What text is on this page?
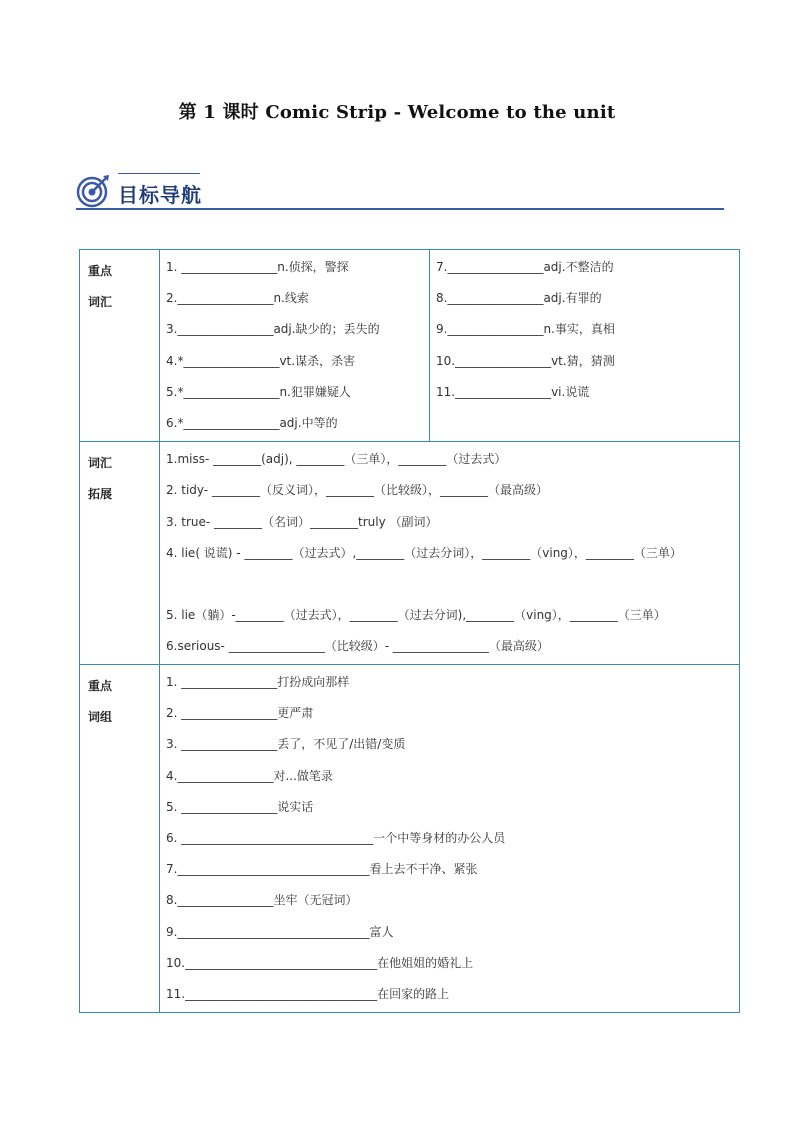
第 1 课时 Comic Strip - Welcome to the unit
目标导航
重点
词汇
1. ________________n.侦探，警探
2.________________n.线索
3.________________adj.缺少的；丢失的
4.*________________vt.谋杀，杀害
5.*________________n.犯罪嫌疑人
6.*________________adj.中等的
7.________________adj.不整洁的
8.________________adj.有罪的
9.________________n.事实，真相
10.________________vt.猜，猜测
11.________________vi.说谎
词汇
拓展
1.miss- ________(adj), ________（三单），________（过去式）
2. tidy- ________（反义词），________（比较级），________（最高级）
3. true- ________（名词）________truly （副词）
4. lie( 说谎) - ________（过去式）,________（过去分词），________（ving），________（三单）
5. lie（躺）-________（过去式），________（过去分词),________（ving），________（三单）
6.serious- ________________（比较级）- ________________（最高级）
重点
词组
1. ________________打扮成向那样
2. ________________更严肃
3. ________________丢了，不见了/出错/变质
4.________________对...做笔录
5. ________________说实话
6. ________________________________一个中等身材的办公人员
7.________________________________看上去不干净、紧张
8.________________坐牢（无冠词）
9.________________________________富人
10.________________________________在他姐姐的婚礼上
11.________________________________在回家的路上
